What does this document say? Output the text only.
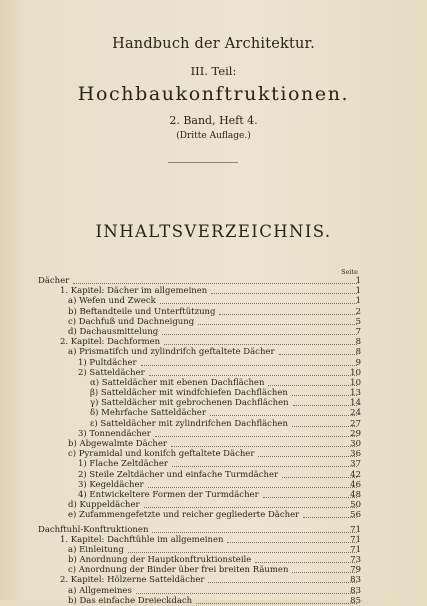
Handbuch der Architektur.
III. Teil:
Hochbaukonftruktionen.
2. Band, Heft 4.
(Dritte Auflage.)
INHALTSVERZEICHNIS.
Seite
Dächer	1
1. Kapitel: Dächer im allgemeinen	1
a) Wefen und Zweck	1
b) Beftandteile und Unterftützung	2
c) Dachfuß und Dachneigung	5
d) Dachausmittelung	7
2. Kapitel: Dachformen	8
a) Prismatifch und zylindrifch geftaltete Dächer	8
1) Pultdächer	9
2) Satteldächer	10
α) Satteldächer mit ebenen Dachflächen	10
β) Satteldächer mit windfchiefen Dachflächen	13
γ) Satteldächer mit gebrochenen Dachflächen	14
δ) Mehrfache Satteldächer	24
ε) Satteldächer mit zylindrifchen Dachflächen	27
3) Tonnendächer	29
b) Abgewalmte Dächer	30
c) Pyramidal und konifch geftaltete Dächer	36
1) Flache Zeltdächer	37
2) Steile Zeltdächer und einfache Turmdächer	42
3) Kegeldächer	46
4) Entwickeltere Formen der Turmdächer	48
d) Kuppeldächer	50
e) Zufammengefetzte und reicher gegliederte Dächer	56
Dachftuhl-Konftruktionen	71
1. Kapitel: Dachftühle im allgemeinen	71
a) Einleitung	71
b) Anordnung der Hauptkonftruktionsteile	73
c) Anordnung der Binder über frei breiten Räumen	79
2. Kapitel: Hölzerne Satteldächer	83
a) Allgemeines	83
b) Das einfache Dreieckdach	85
